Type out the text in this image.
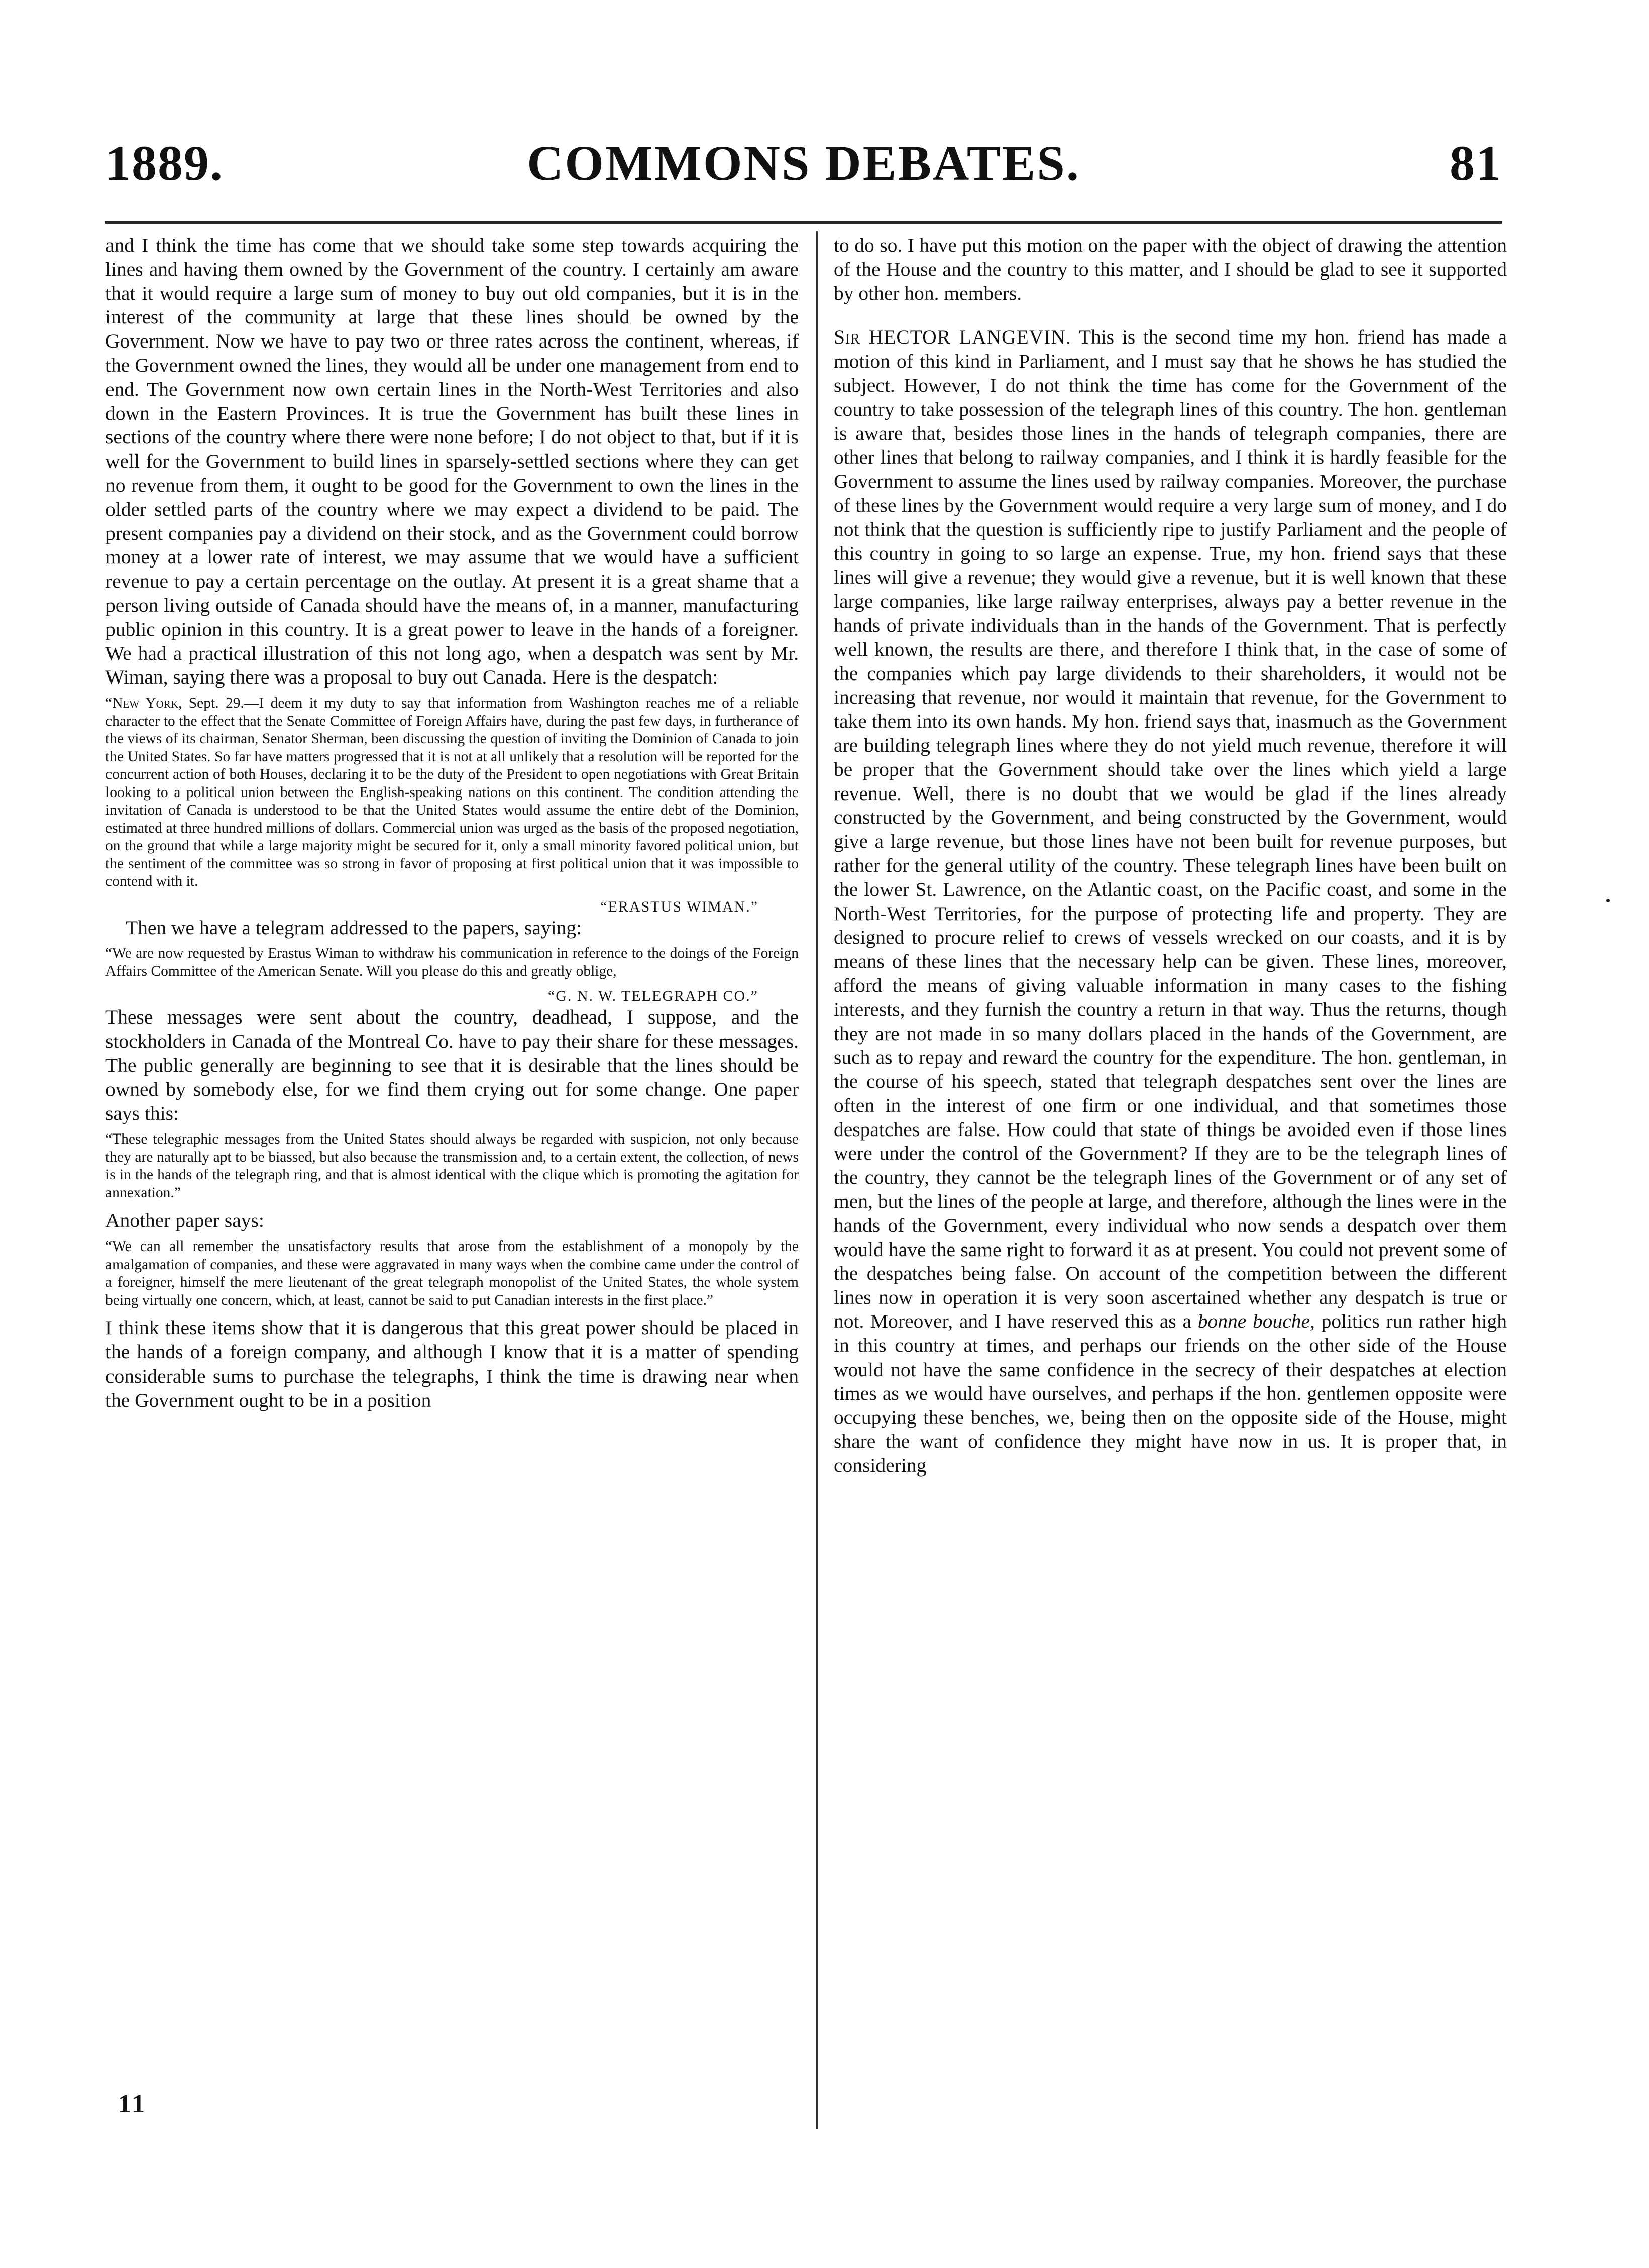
1889.	COMMONS DEBATES.	81

and I think the time has come that we should take some step towards acquiring the lines and having them owned by the Government of the country. I certainly am aware that it would require a large sum of money to buy out old companies, but it is in the interest of the community at large that these lines should be owned by the Government. Now we have to pay two or three rates across the continent, whereas, if the Government owned the lines, they would all be under one management from end to end. The Government now own certain lines in the North-West Territories and also down in the Eastern Provinces. It is true the Government has built these lines in sections of the country where there were none before; I do not object to that, but if it is well for the Government to build lines in sparsely-settled sections where they can get no revenue from them, it ought to be good for the Government to own the lines in the older settled parts of the country where we may expect a dividend to be paid. The present companies pay a dividend on their stock, and as the Government could borrow money at a lower rate of interest, we may assume that we would have a sufficient revenue to pay a certain percentage on the outlay. At present it is a great shame that a person living outside of Canada should have the means of, in a manner, manufacturing public opinion in this country. It is a great power to leave in the hands of a foreigner. We had a practical illustration of this not long ago, when a despatch was sent by Mr. Wiman, saying there was a proposal to buy out Canada. Here is the despatch:

“New York, Sept. 29.—I deem it my duty to say that information from Washington reaches me of a reliable character to the effect that the Senate Committee of Foreign Affairs have, during the past few days, in furtherance of the views of its chairman, Senator Sherman, been discussing the question of inviting the Dominion of Canada to join the United States. So far have matters progressed that it is not at all unlikely that a resolution will be reported for the concurrent action of both Houses, declaring it to be the duty of the President to open negotiations with Great Britain looking to a political union between the English-speaking nations on this continent. The condition attending the invitation of Canada is understood to be that the United States would assume the entire debt of the Dominion, estimated at three hundred millions of dollars. Commercial union was urged as the basis of the proposed negotiation, on the ground that while a large majority might be secured for it, only a small minority favored political union, but the sentiment of the committee was so strong in favor of proposing at first political union that it was impossible to contend with it.

“ERASTUS WIMAN.”

Then we have a telegram addressed to the papers, saying:

“We are now requested by Erastus Wiman to withdraw his communication in reference to the doings of the Foreign Affairs Committee of the American Senate. Will you please do this and greatly oblige,

“G. N. W. TELEGRAPH CO.”

These messages were sent about the country, deadhead, I suppose, and the stockholders in Canada of the Montreal Co. have to pay their share for these messages. The public generally are beginning to see that it is desirable that the lines should be owned by somebody else, for we find them crying out for some change. One paper says this:

“These telegraphic messages from the United States should always be regarded with suspicion, not only because they are naturally apt to be biassed, but also because the transmission and, to a certain extent, the collection, of news is in the hands of the telegraph ring, and that is almost identical with the clique which is promoting the agitation for annexation.”

Another paper says:

“We can all remember the unsatisfactory results that arose from the establishment of a monopoly by the amalgamation of companies, and these were aggravated in many ways when the combine came under the control of a foreigner, himself the mere lieutenant of the great telegraph monopolist of the United States, the whole system being virtually one concern, which, at least, cannot be said to put Canadian interests in the first place.”

I think these items show that it is dangerous that this great power should be placed in the hands of a foreign company, and although I know that it is a matter of spending considerable sums to purchase the telegraphs, I think the time is drawing near when the Government ought to be in a position

to do so. I have put this motion on the paper with the object of drawing the attention of the House and the country to this matter, and I should be glad to see it supported by other hon. members.

Sir HECTOR LANGEVIN. This is the second time my hon. friend has made a motion of this kind in Parliament, and I must say that he shows he has studied the subject. However, I do not think the time has come for the Government of the country to take possession of the telegraph lines of this country. The hon. gentleman is aware that, besides those lines in the hands of telegraph companies, there are other lines that belong to railway companies, and I think it is hardly feasible for the Government to assume the lines used by railway companies. Moreover, the purchase of these lines by the Government would require a very large sum of money, and I do not think that the question is sufficiently ripe to justify Parliament and the people of this country in going to so large an expense. True, my hon. friend says that these lines will give a revenue; they would give a revenue, but it is well known that these large companies, like large railway enterprises, always pay a better revenue in the hands of private individuals than in the hands of the Government. That is perfectly well known, the results are there, and therefore I think that, in the case of some of the companies which pay large dividends to their shareholders, it would not be increasing that revenue, nor would it maintain that revenue, for the Government to take them into its own hands. My hon. friend says that, inasmuch as the Government are building telegraph lines where they do not yield much revenue, therefore it will be proper that the Government should take over the lines which yield a large revenue. Well, there is no doubt that we would be glad if the lines already constructed by the Government, and being constructed by the Government, would give a large revenue, but those lines have not been built for revenue purposes, but rather for the general utility of the country. These telegraph lines have been built on the lower St. Lawrence, on the Atlantic coast, on the Pacific coast, and some in the North-West Territories, for the purpose of protecting life and property. They are designed to procure relief to crews of vessels wrecked on our coasts, and it is by means of these lines that the necessary help can be given. These lines, moreover, afford the means of giving valuable information in many cases to the fishing interests, and they furnish the country a return in that way. Thus the returns, though they are not made in so many dollars placed in the hands of the Government, are such as to repay and reward the country for the expenditure. The hon. gentleman, in the course of his speech, stated that telegraph despatches sent over the lines are often in the interest of one firm or one individual, and that sometimes those despatches are false. How could that state of things be avoided even if those lines were under the control of the Government? If they are to be the telegraph lines of the country, they cannot be the telegraph lines of the Government or of any set of men, but the lines of the people at large, and therefore, although the lines were in the hands of the Government, every individual who now sends a despatch over them would have the same right to forward it as at present. You could not prevent some of the despatches being false. On account of the competition between the different lines now in operation it is very soon ascertained whether any despatch is true or not. Moreover, and I have reserved this as a bonne bouche, politics run rather high in this country at times, and perhaps our friends on the other side of the House would not have the same confidence in the secrecy of their despatches at election times as we would have ourselves, and perhaps if the hon. gentlemen opposite were occupying these benches, we, being then on the opposite side of the House, might share the want of confidence they might have now in us. It is proper that, in considering

11
